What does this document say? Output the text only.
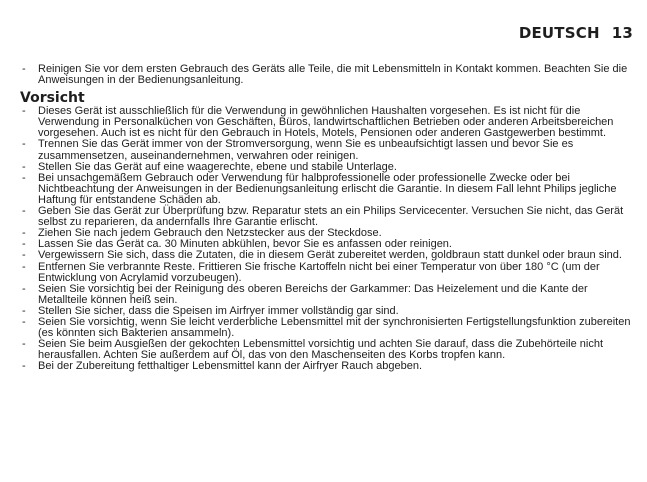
DEUTSCH 13
- Reinigen Sie vor dem ersten Gebrauch des Geräts alle Teile, die mit Lebensmitteln in Kontakt kommen. Beachten Sie die Anweisungen in der Bedienungsanleitung.
Vorsicht
- Dieses Gerät ist ausschließlich für die Verwendung in gewöhnlichen Haushalten vorgesehen. Es ist nicht für die Verwendung in Personalküchen von Geschäften, Büros, landwirtschaftlichen Betrieben oder anderen Arbeitsbereichen vorgesehen. Auch ist es nicht für den Gebrauch in Hotels, Motels, Pensionen oder anderen Gastgewerben bestimmt.
- Trennen Sie das Gerät immer von der Stromversorgung, wenn Sie es unbeaufsichtigt lassen und bevor Sie es zusammensetzen, auseinandernehmen, verwahren oder reinigen.
- Stellen Sie das Gerät auf eine waagerechte, ebene und stabile Unterlage.
- Bei unsachgemäßem Gebrauch oder Verwendung für halbprofessionelle oder professionelle Zwecke oder bei Nichtbeachtung der Anweisungen in der Bedienungsanleitung erlischt die Garantie. In diesem Fall lehnt Philips jegliche Haftung für entstandene Schäden ab.
- Geben Sie das Gerät zur Überprüfung bzw. Reparatur stets an ein Philips Servicecenter. Versuchen Sie nicht, das Gerät selbst zu reparieren, da andernfalls Ihre Garantie erlischt.
- Ziehen Sie nach jedem Gebrauch den Netzstecker aus der Steckdose.
- Lassen Sie das Gerät ca. 30 Minuten abkühlen, bevor Sie es anfassen oder reinigen.
- Vergewissern Sie sich, dass die Zutaten, die in diesem Gerät zubereitet werden, goldbraun statt dunkel oder braun sind.
- Entfernen Sie verbrannte Reste. Frittieren Sie frische Kartoffeln nicht bei einer Temperatur von über 180 °C (um der Entwicklung von Acrylamid vorzubeugen).
- Seien Sie vorsichtig bei der Reinigung des oberen Bereichs der Garkammer: Das Heizelement und die Kante der Metallteile können heiß sein.
- Stellen Sie sicher, dass die Speisen im Airfryer immer vollständig gar sind.
- Seien Sie vorsichtig, wenn Sie leicht verderbliche Lebensmittel mit der synchronisierten Fertigstellungsfunktion zubereiten (es könnten sich Bakterien ansammeln).
- Seien Sie beim Ausgießen der gekochten Lebensmittel vorsichtig und achten Sie darauf, dass die Zubehörteile nicht herausfallen. Achten Sie außerdem auf Öl, das von den Maschenseiten des Korbs tropfen kann.
- Bei der Zubereitung fetthaltiger Lebensmittel kann der Airfryer Rauch abgeben.
